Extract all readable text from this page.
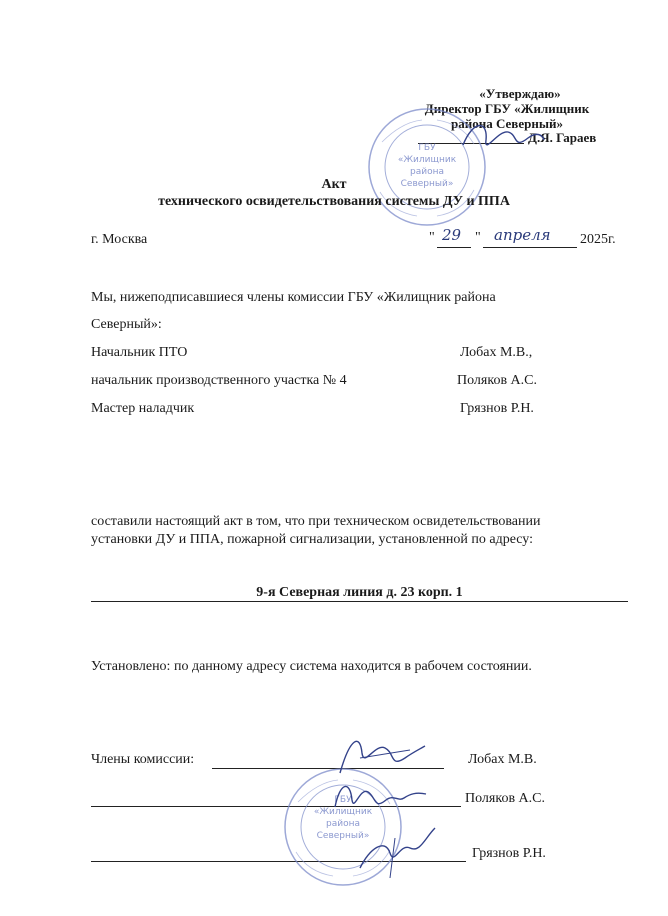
«Утверждаю»
Директор ГБУ «Жилищник
района Северный»
Д.Я. Гараев
ГБУ
«Жилищник
района
Северный»
Акт
технического освидетельствования системы ДУ и ППА
г. Москва	" 29 " апреля 2025г.
Мы, нижеподписавшиеся члены комиссии ГБУ «Жилищник района
Северный»:
Начальник ПТО	Лобах М.В.,
начальник производственного участка № 4	Поляков А.С.
Мастер наладчик	Грязнов Р.Н.
составили настоящий акт в том, что при техническом освидетельствовании
установки ДУ и ППА, пожарной сигнализации, установленной по адресу:
9-я Северная линия д. 23 корп. 1
Установлено: по данному адресу система находится в рабочем состоянии.
Члены комиссии:	Лобах М.В.
Поляков А.С.
Грязнов Р.Н.
ГБУ
«Жилищник
района
Северный»
